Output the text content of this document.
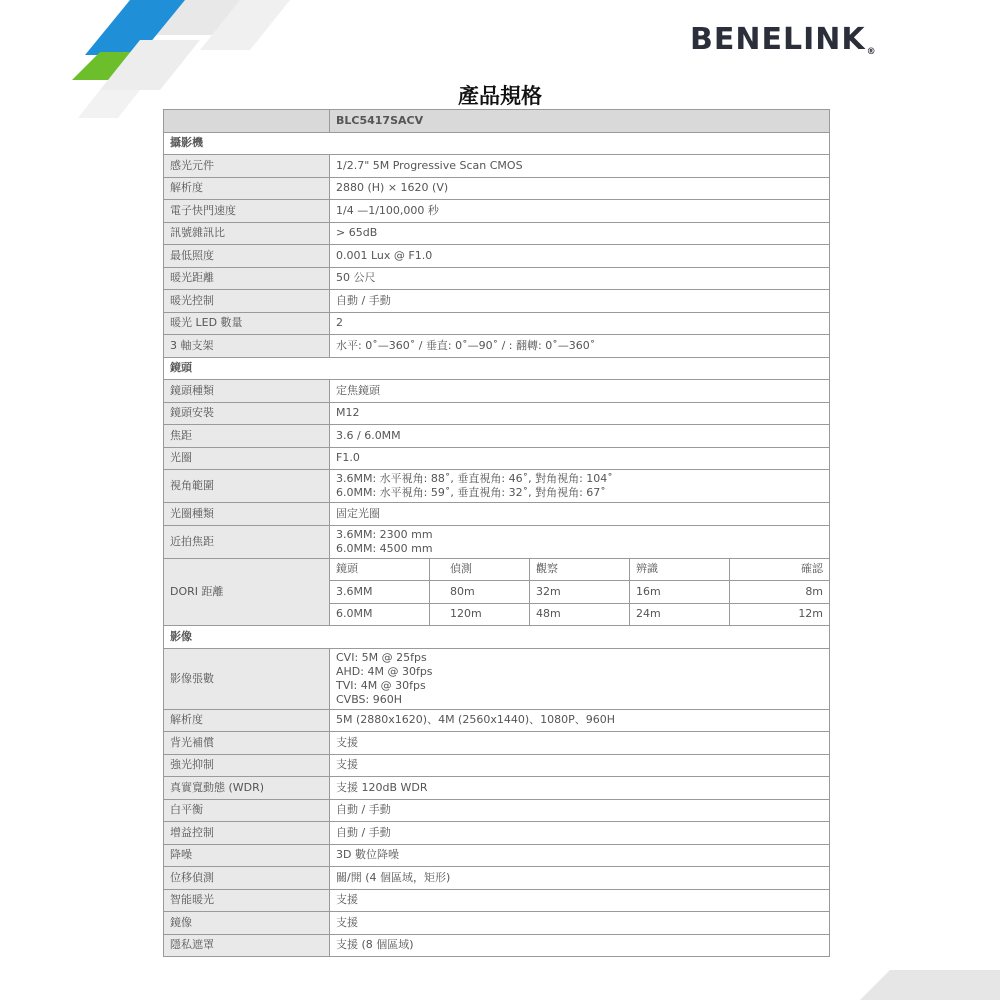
BENELINK®
產品規格
	BLC5417SACV				
攝影機					
感光元件	1/2.7" 5M Progressive Scan CMOS				
解析度	2880 (H) × 1620 (V)				
電子快門速度	1/4 —1/100,000 秒				
訊號雜訊比	> 65dB				
最低照度	0.001 Lux @ F1.0				
暖光距離	50 公尺				
暖光控制	自動 / 手動				
暖光 LED 數量	2				
3 軸支架	水平: 0˚—360˚ / 垂直: 0˚—90˚ / : 翻轉: 0˚—360˚				
鏡頭					
鏡頭種類	定焦鏡頭				
鏡頭安裝	M12				
焦距	3.6 / 6.0MM				
光圈	F1.0				
視角範圍	3.6MM: 水平視角: 88˚, 垂直視角: 46˚, 對角視角: 104˚
6.0MM: 水平視角: 59˚, 垂直視角: 32˚, 對角視角: 67˚				

光圈種類	固定光圈				
近拍焦距	3.6MM: 2300 mm
6.0MM: 4500 mm				

DORI 距離	鏡頭	偵測	觀察	辨識	確認
	3.6MM	80m	32m	16m	8m
	6.0MM	120m	48m	24m	12m
影像					
影像張數	CVI: 5M @ 25fps
AHD: 4M @ 30fps
TVI: 4M @ 30fps
CVBS: 960H				

解析度	5M (2880x1620)、4M (2560x1440)、1080P、960H				
背光補償	支援				
強光抑制	支援				
真實寬動態 (WDR)	支援 120dB WDR				
白平衡	自動 / 手動				
增益控制	自動 / 手動				
降噪	3D 數位降噪				
位移偵測	關/開 (4 個區域，矩形)				
智能暖光	支援				
鏡像	支援				
隱私遮罩	支援 (8 個區域)				
